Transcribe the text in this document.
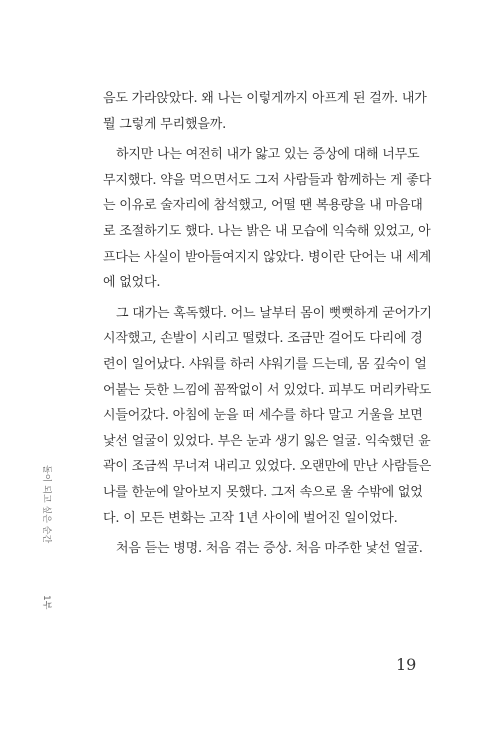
음도 가라앉았다. 왜 나는 이렇게까지 아프게 된 걸까. 내가
뭘 그렇게 무리했을까.
하지만 나는 여전히 내가 앓고 있는 증상에 대해 너무도
무지했다. 약을 먹으면서도 그저 사람들과 함께하는 게 좋다
는 이유로 술자리에 참석했고, 어떨 땐 복용량을 내 마음대
로 조절하기도 했다. 나는 밝은 내 모습에 익숙해 있었고, 아
프다는 사실이 받아들여지지 않았다. 병이란 단어는 내 세계
에 없었다.
그 대가는 혹독했다. 어느 날부터 몸이 뻣뻣하게 굳어가기
시작했고, 손발이 시리고 떨렸다. 조금만 걸어도 다리에 경
련이 일어났다. 샤워를 하러 샤워기를 드는데, 몸 깊숙이 얼
어붙는 듯한 느낌에 꼼짝없이 서 있었다. 피부도 머리카락도
시들어갔다. 아침에 눈을 떠 세수를 하다 말고 거울을 보면
낯선 얼굴이 있었다. 부은 눈과 생기 잃은 얼굴. 익숙했던 윤
곽이 조금씩 무너져 내리고 있었다. 오랜만에 만난 사람들은
나를 한눈에 알아보지 못했다. 그저 속으로 울 수밖에 없었
다. 이 모든 변화는 고작 1년 사이에 벌어진 일이었다.
처음 듣는 병명. 처음 겪는 증상. 처음 마주한 낯선 얼굴.
돌이 되고 싶은 순간
1부
19
